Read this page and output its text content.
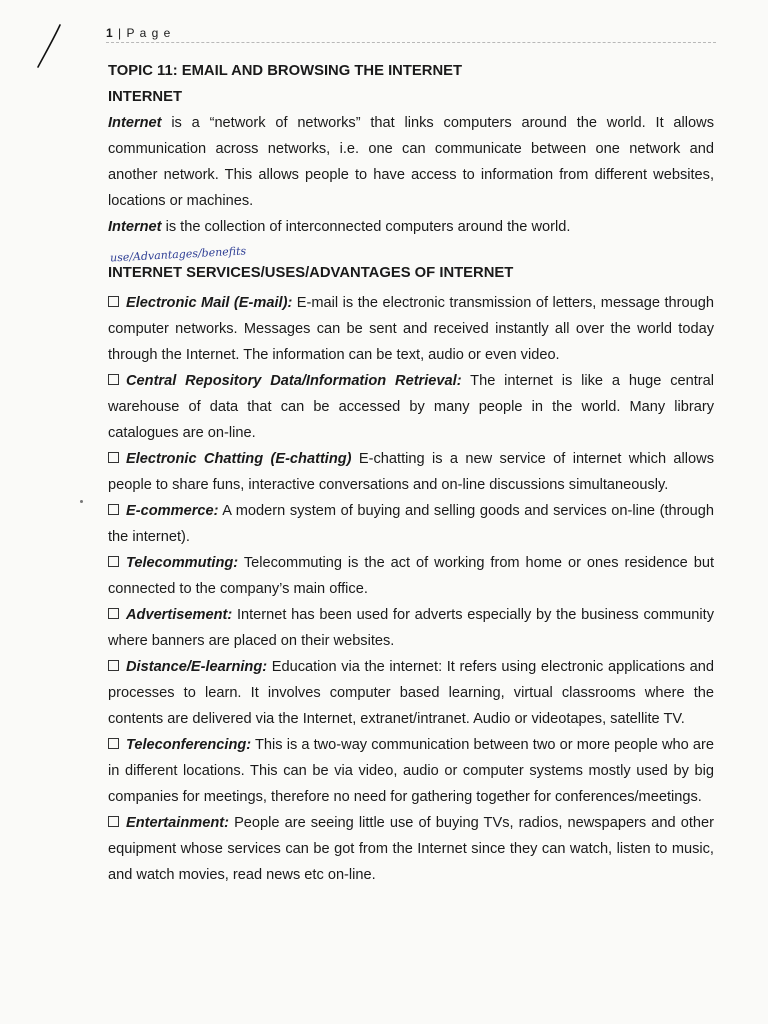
1 | P a g e

TOPIC 11: EMAIL AND BROWSING THE INTERNET

INTERNET

Internet is a “network of networks” that links computers around the world. It allows communication across networks, i.e. one can communicate between one network and another network. This allows people to have access to information from different websites, locations or machines.

Internet is the collection of interconnected computers around the world.

use/Advantages/benefits

INTERNET SERVICES/USES/ADVANTAGES OF INTERNET

Electronic Mail (E-mail): E-mail is the electronic transmission of letters, message through computer networks. Messages can be sent and received instantly all over the world today through the Internet. The information can be text, audio or even video.

Central Repository Data/Information Retrieval: The internet is like a huge central warehouse of data that can be accessed by many people in the world. Many library catalogues are on-line.

Electronic Chatting (E-chatting) E-chatting is a new service of internet which allows people to share funs, interactive conversations and on-line discussions simultaneously.

E-commerce: A modern system of buying and selling goods and services on-line (through the internet).

Telecommuting: Telecommuting is the act of working from home or ones residence but connected to the company’s main office.

Advertisement: Internet has been used for adverts especially by the business community where banners are placed on their websites.

Distance/E-learning: Education via the internet: It refers using electronic applications and processes to learn. It involves computer based learning, virtual classrooms where the contents are delivered via the Internet, extranet/intranet. Audio or videotapes, satellite TV.

Teleconferencing: This is a two-way communication between two or more people who are in different locations. This can be via video, audio or computer systems mostly used by big companies for meetings, therefore no need for gathering together for conferences/meetings.

Entertainment: People are seeing little use of buying TVs, radios, newspapers and other equipment whose services can be got from the Internet since they can watch, listen to music, and watch movies, read news etc on-line.
